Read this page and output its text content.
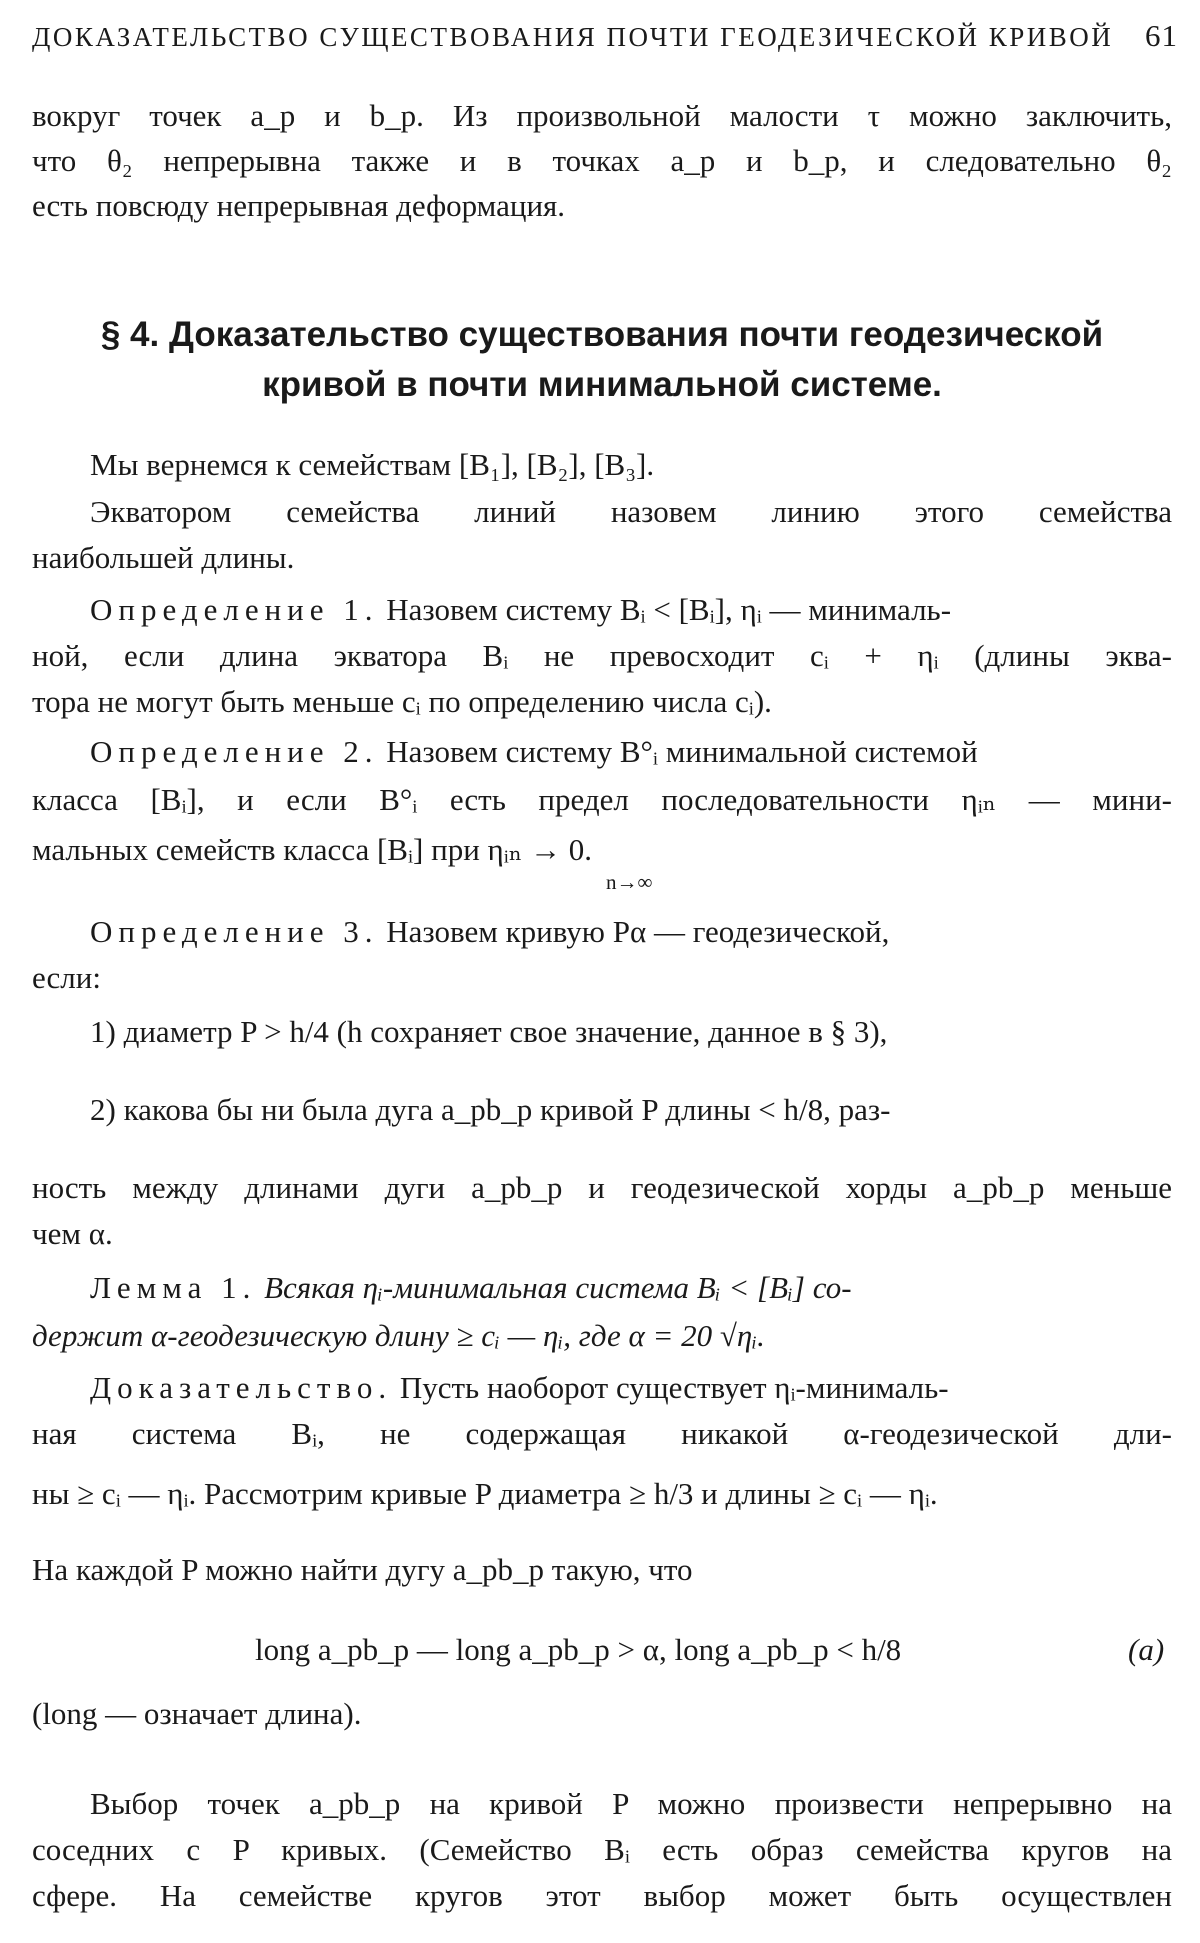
ДОКАЗАТЕЛЬСТВО СУЩЕСТВОВАНИЯ ПОЧТИ ГЕОДЕЗИЧЕСКОЙ КРИВОЙ 61
вокруг точек a_p и b_p. Из произвольной малости τ можно заключить,
что θ₂ непрерывна также и в точках a_p и b_p, и следовательно θ₂
есть повсюду непрерывная деформация.
§ 4. Доказательство существования почти геодезической
кривой в почти минимальной системе.
Мы вернемся к семействам [B₁], [B₂], [B₃].
Экватором семейства линий назовем линию этого семейства
наибольшей длины.
Определение 1. Назовем систему Bᵢ < [Bᵢ], ηᵢ — минималь-
ной, если длина экватора Bᵢ не превосходит cᵢ + ηᵢ (длины эква-
тора не могут быть меньше cᵢ по определению числа cᵢ).
Определение 2. Назовем систему B°ᵢ минимальной системой
класса [Bᵢ], и если B°ᵢ есть предел последовательности ηᵢₙ — мини-
мальных семейств класса [Bᵢ] при ηᵢₙ → 0.
n→∞
Определение 3. Назовем кривую Pα — геодезической,
если:
1) диаметр P > h/4 (h сохраняет свое значение, данное в § 3),
2) какова бы ни была дуга a_pb_p кривой P длины < h/8, раз-
ность между длинами дуги a_pb_p и геодезической хорды a_pb_p меньше
чем α.
Лемма 1. Всякая ηᵢ-минимальная система Bᵢ < [Bᵢ] со-
держит α-геодезическую длину ≥ cᵢ — ηᵢ, где α = 20 √ηᵢ.
Доказательство. Пусть наоборот существует ηᵢ-минималь-
ная система Bᵢ, не содержащая никакой α-геодезической дли-
ны ≥ cᵢ — ηᵢ. Рассмотрим кривые P диаметра ≥ h/3 и длины ≥ cᵢ — ηᵢ.
На каждой P можно найти дугу a_pb_p такую, что
long a_pb_p — long a_pb_p > α, long a_pb_p < h/8	(a)
(long — означает длина).
Выбор точек a_pb_p на кривой P можно произвести непрерывно на
соседних с P кривых. (Семейство Bᵢ есть образ семейства кругов на
сфере. На семействе кругов этот выбор может быть осуществлен
